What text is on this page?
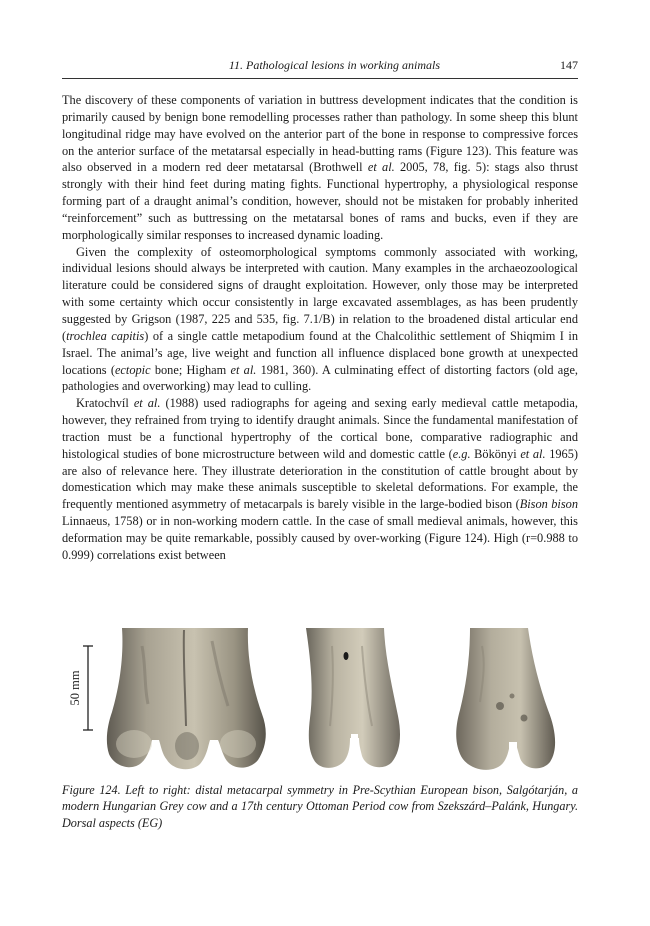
11. Pathological lesions in working animals	147

The discovery of these components of variation in buttress development indicates that the condition is primarily caused by benign bone remodelling processes rather than pathology. In some sheep this blunt longitudinal ridge may have evolved on the anterior part of the bone in response to compressive forces on the anterior surface of the metatarsal especially in head-butting rams (Figure 123). This feature was also observed in a modern red deer metatarsal (Brothwell et al. 2005, 78, fig. 5): stags also thrust strongly with their hind feet during mating fights. Functional hypertrophy, a physiological response forming part of a draught animal’s condition, however, should not be mistaken for probably inherited “reinforcement” such as buttressing on the metatarsal bones of rams and bucks, even if they are morphologically similar responses to increased dynamic loading.

Given the complexity of osteomorphological symptoms commonly associated with working, individual lesions should always be interpreted with caution. Many examples in the archaeozoological literature could be considered signs of draught exploitation. However, only those may be interpreted with some certainty which occur consistently in large excavated assemblages, as has been prudently suggested by Grigson (1987, 225 and 535, fig. 7.1/B) in relation to the broadened distal articular end (trochlea capitis) of a single cattle metapodium found at the Chalcolithic settlement of Shiqmim I in Israel. The animal’s age, live weight and function all influence displaced bone growth at unexpected locations (ectopic bone; Higham et al. 1981, 360). A culminating effect of distorting factors (old age, pathologies and overworking) may lead to culling.

Kratochvíl et al. (1988) used radiographs for ageing and sexing early medieval cattle metapodia, however, they refrained from trying to identify draught animals. Since the fundamental manifestation of traction must be a functional hypertrophy of the cortical bone, comparative radiographic and histological studies of bone microstructure between wild and domestic cattle (e.g. Bökönyi et al. 1965) are also of relevance here. They illustrate deterioration in the constitution of cattle brought about by domestication which may make these animals susceptible to skeletal deformations. For example, the frequently mentioned asymmetry of metacarpals is barely visible in the large-bodied bison (Bison bison Linnaeus, 1758) or in non-working modern cattle. In the case of small medieval animals, however, this deformation may be quite remarkable, possibly caused by over-working (Figure 124). High (r=0.988 to 0.999) correlations exist between

50 mm
Figure 124. Left to right: distal metacarpal symmetry in Pre-Scythian European bison, Salgótarján, a modern Hungarian Grey cow and a 17th century Ottoman Period cow from Szekszárd–Palánk, Hungary. Dorsal aspects (EG)
